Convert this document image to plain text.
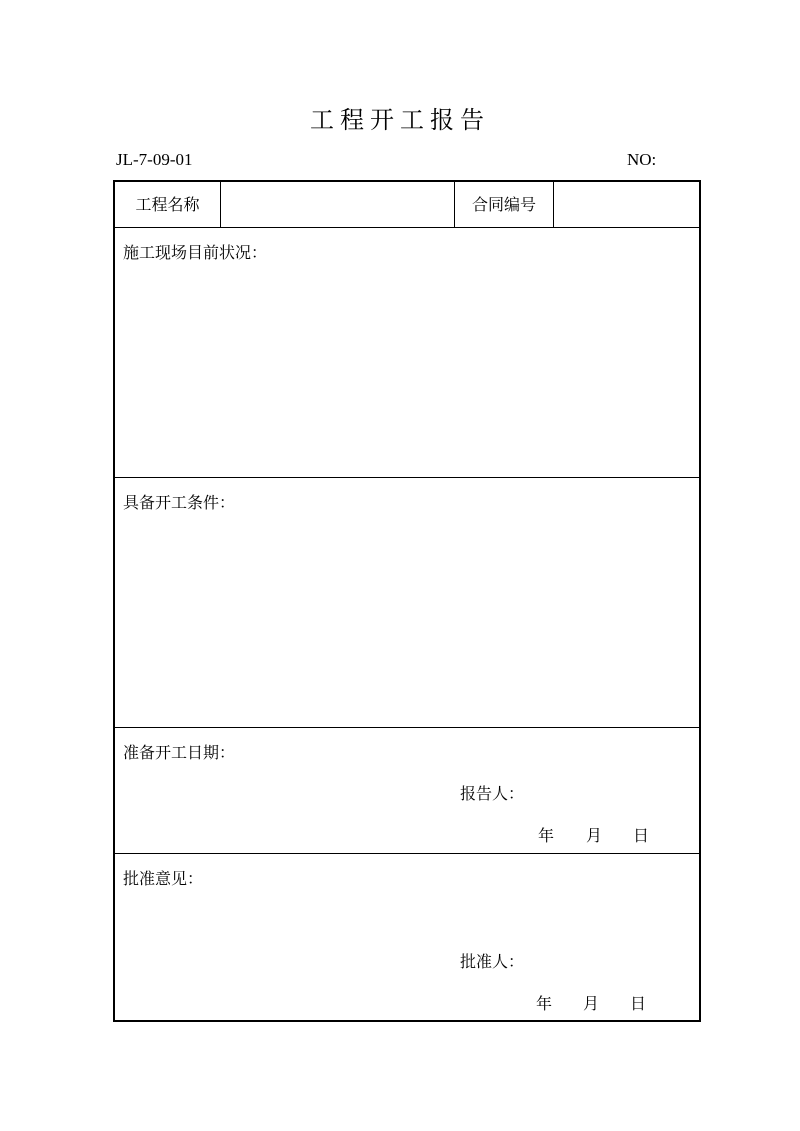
工程开工报告
JL-7-09-01	NO:
工程名称	合同编号
施工现场目前状况：
具备开工条件：
准备开工日期：
报告人：
年 月 日
批准意见：
批准人：
年 月 日
